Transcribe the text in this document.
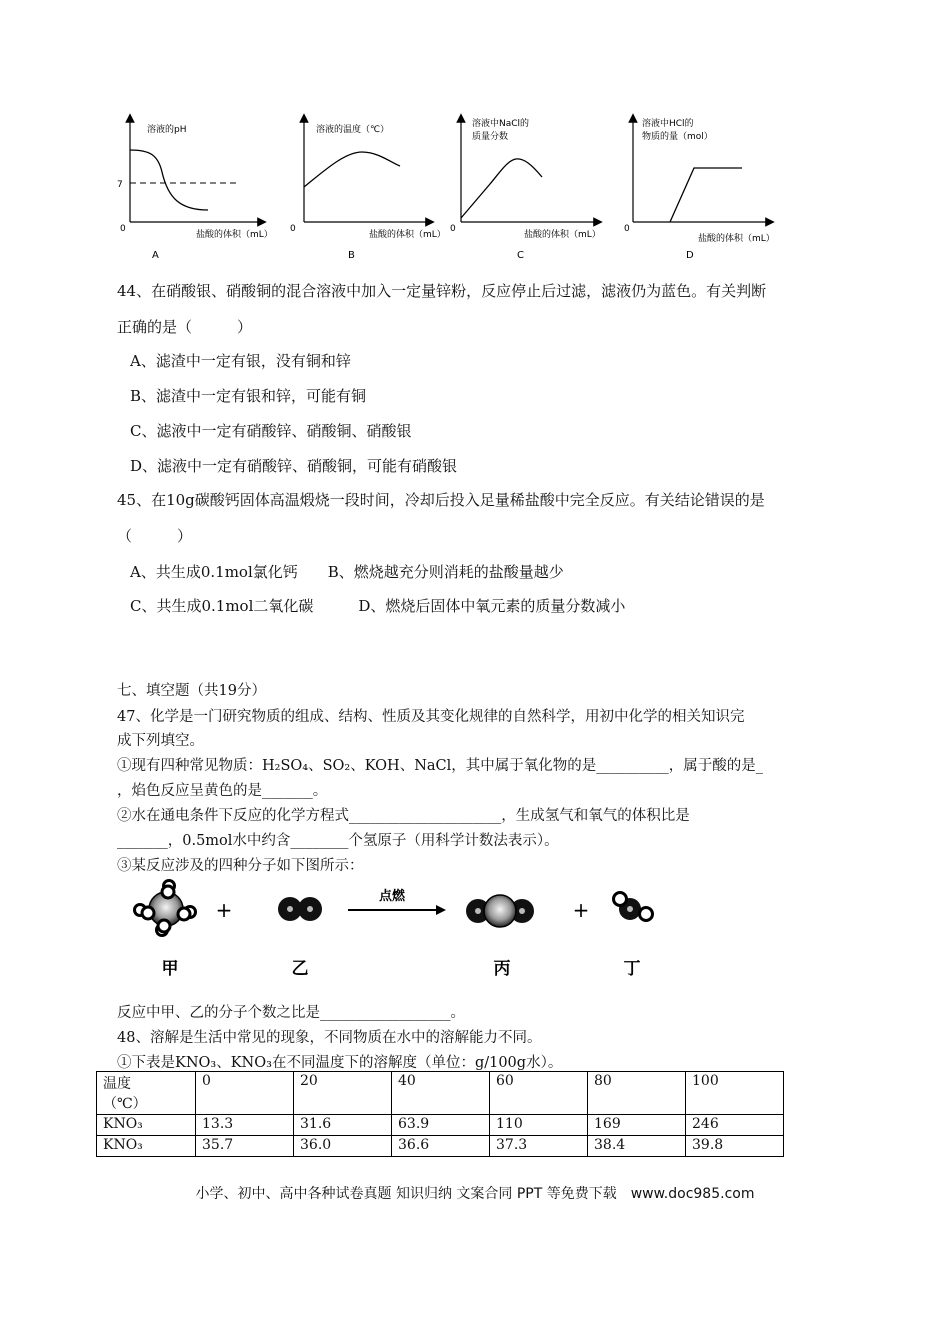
溶液的pH
7
0
盐酸的体积（mL）
A
溶液的温度（℃）
0
盐酸的体积（mL）
B
溶液中NaCl的
质量分数
0
盐酸的体积（mL）
C
溶液中HCl的
物质的量（mol）
0
盐酸的体积（mL）
D
44、在硝酸银、硝酸铜的混合溶液中加入一定量锌粉，反应停止后过滤，滤液仍为蓝色。有关判断
正确的是（　　　）
A、滤渣中一定有银，没有铜和锌
B、滤渣中一定有银和锌，可能有铜
C、滤液中一定有硝酸锌、硝酸铜、硝酸银
D、滤液中一定有硝酸锌、硝酸铜，可能有硝酸银
45、在10g碳酸钙固体高温煅烧一段时间，冷却后投入足量稀盐酸中完全反应。有关结论错误的是
（　　　）
A、共生成0.1mol氯化钙　　B、燃烧越充分则消耗的盐酸量越少
C、共生成0.1mol二氧化碳　　　D、燃烧后固体中氧元素的质量分数减小
七、填空题（共19分）
47、化学是一门研究物质的组成、结构、性质及其变化规律的自然科学，用初中化学的相关知识完
成下列填空。
①现有四种常见物质：H₂SO₄、SO₂、KOH、NaCl，其中属于氧化物的是__________，属于酸的是_
，焰色反应呈黄色的是_______。
②水在通电条件下反应的化学方程式_____________________，生成氢气和氧气的体积比是
_______，0.5mol水中约含________个氢原子（用科学计数法表示）。
③某反应涉及的四种分子如下图所示：
+
点燃
+
甲	乙	丙	丁
反应中甲、乙的分子个数之比是__________________。
48、溶解是生活中常见的现象，不同物质在水中的溶解能力不同。
①下表是KNO₃、KNO₃在不同温度下的溶解度（单位：g/100g水）。
温度
（℃）	0	20	40	60	80	100
KNO₃	13.3	31.6	63.9	110	169	246
KNO₃	35.7	36.0	36.6	37.3	38.4	39.8
小学、初中、高中各种试卷真题 知识归纳 文案合同 PPT 等免费下载　www.doc985.com
